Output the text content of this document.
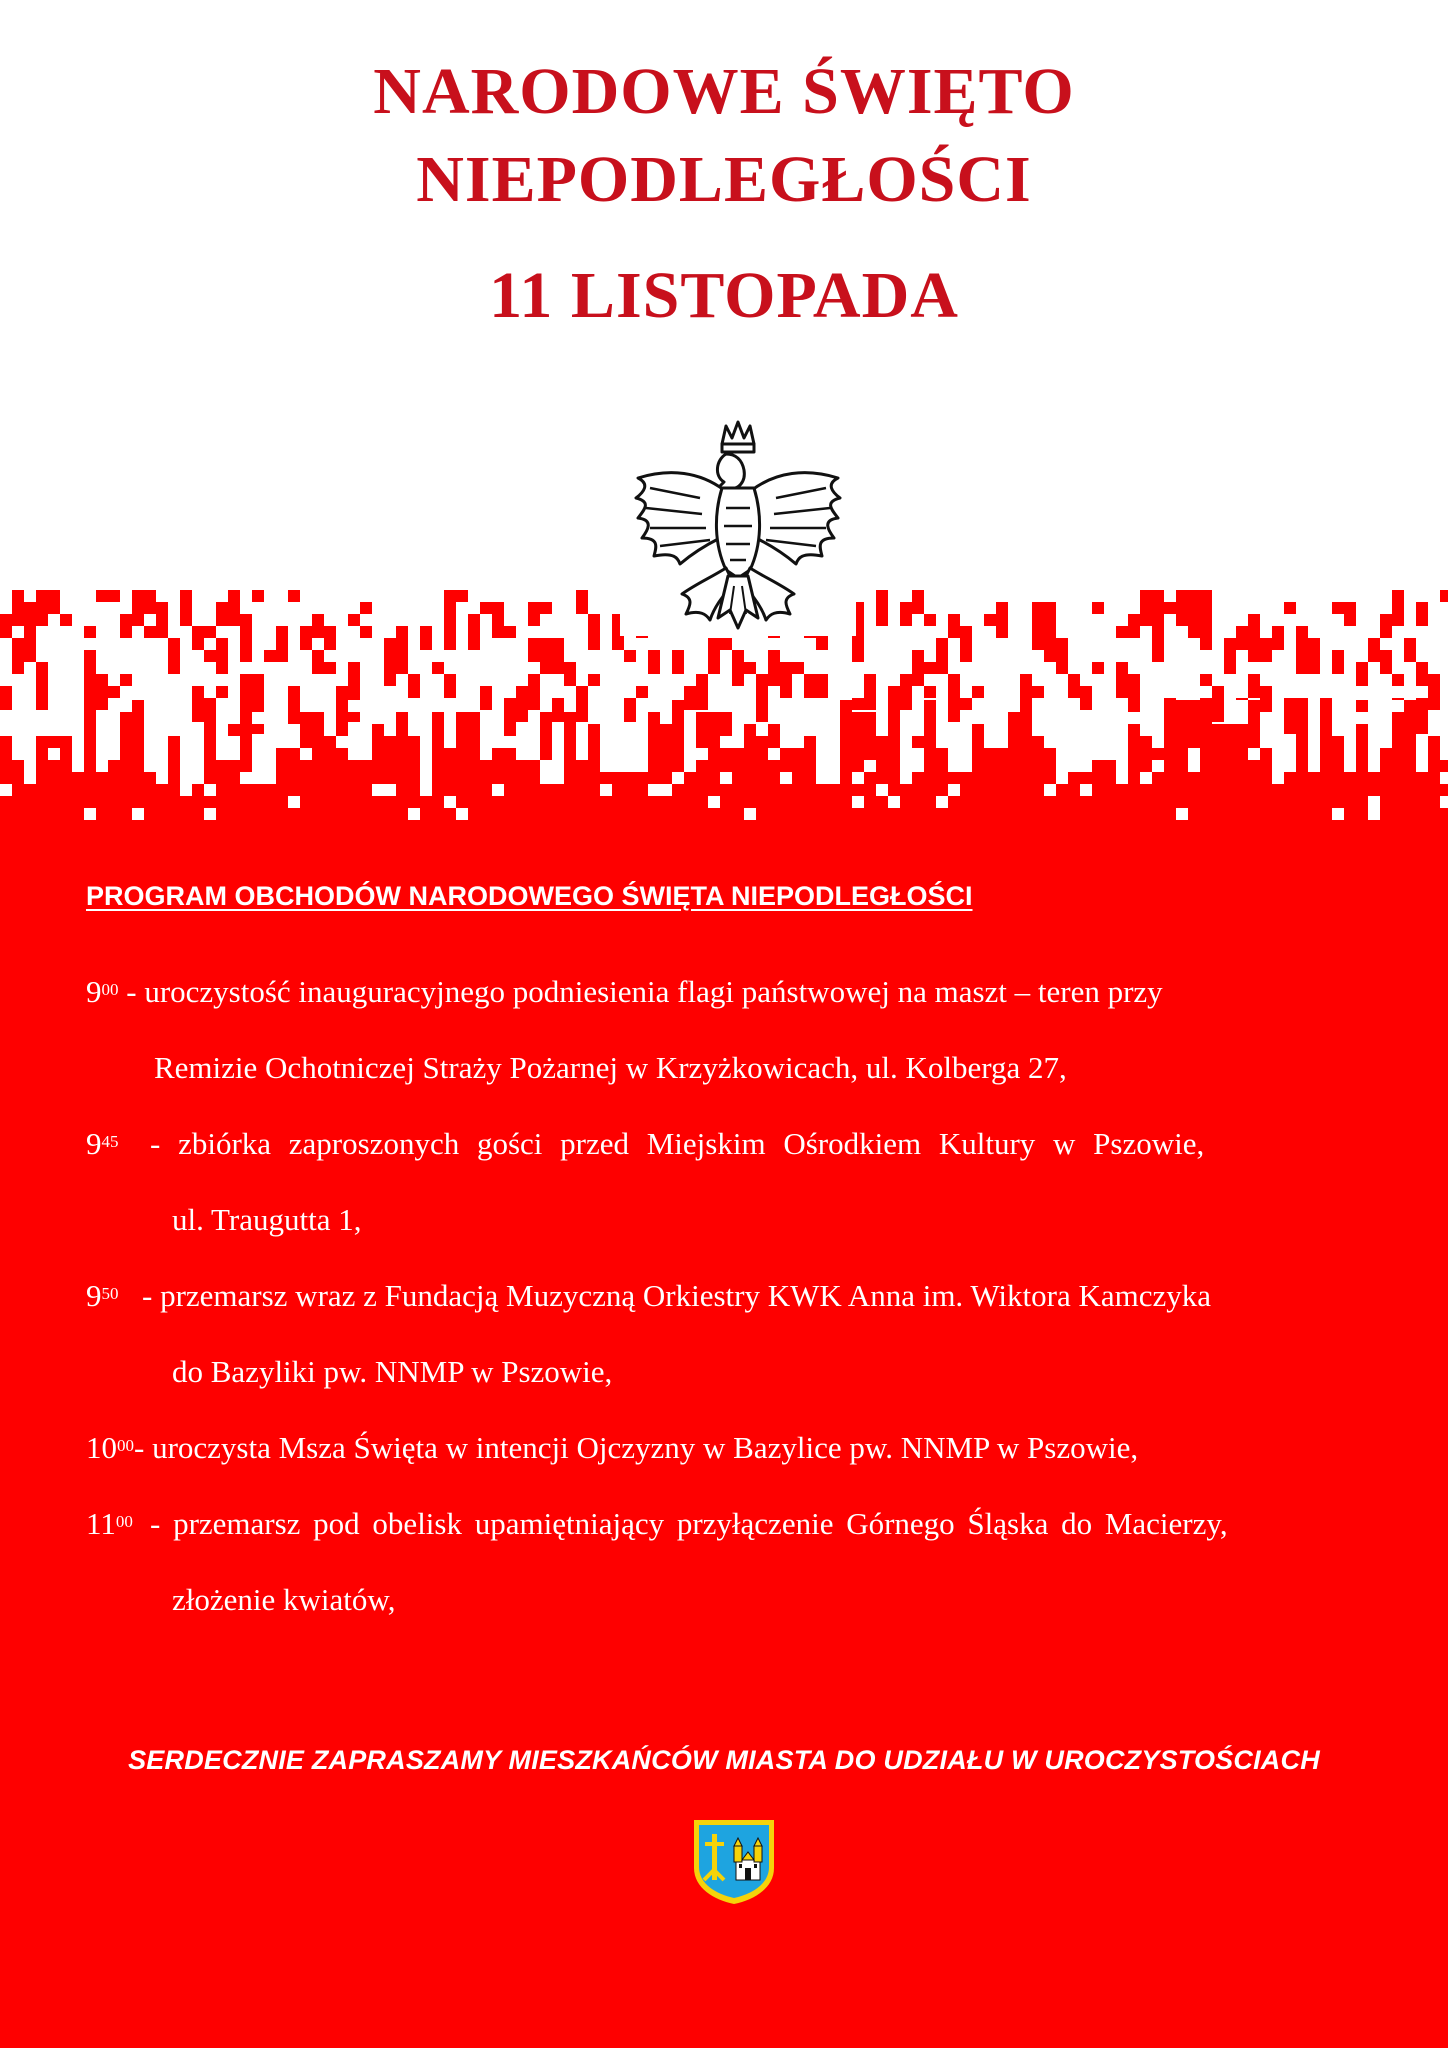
NARODOWE ŚWIĘTO
NIEPODLEGŁOŚCI
11 LISTOPADA
PROGRAM OBCHODÓW NARODOWEGO ŚWIĘTA NIEPODLEGŁOŚCI

$9^{00}$ - uroczystość inauguracyjnego podniesienia flagi państwowej na maszt – teren przy

Remizie Ochotniczej Straży Pożarnej w Krzyżkowicach, ul. Kolberga 27,

$9^{45}$ - zbiórka zaproszonych gości przed Miejskim Ośrodkiem Kultury w Pszowie,

ul. Traugutta 1,

$9^{50}$ - przemarsz wraz z Fundacją Muzyczną Orkiestry KWK Anna im. Wiktora Kamczyka

do Bazyliki pw. NNMP w Pszowie,

$10^{00}-$ uroczysta Msza Święta w intencji Ojczyzny w Bazylice pw. NNMP w Pszowie,

$11^{00}$ - przemarsz pod obelisk upamiętniający przyłączenie Górnego Śląska do Macierzy,

złożenie kwiatów,

SERDECZNIE ZAPRASZAMY MIESZKAŃCÓW MIASTA DO UDZIAŁU W UROCZYSTOŚCIACH
